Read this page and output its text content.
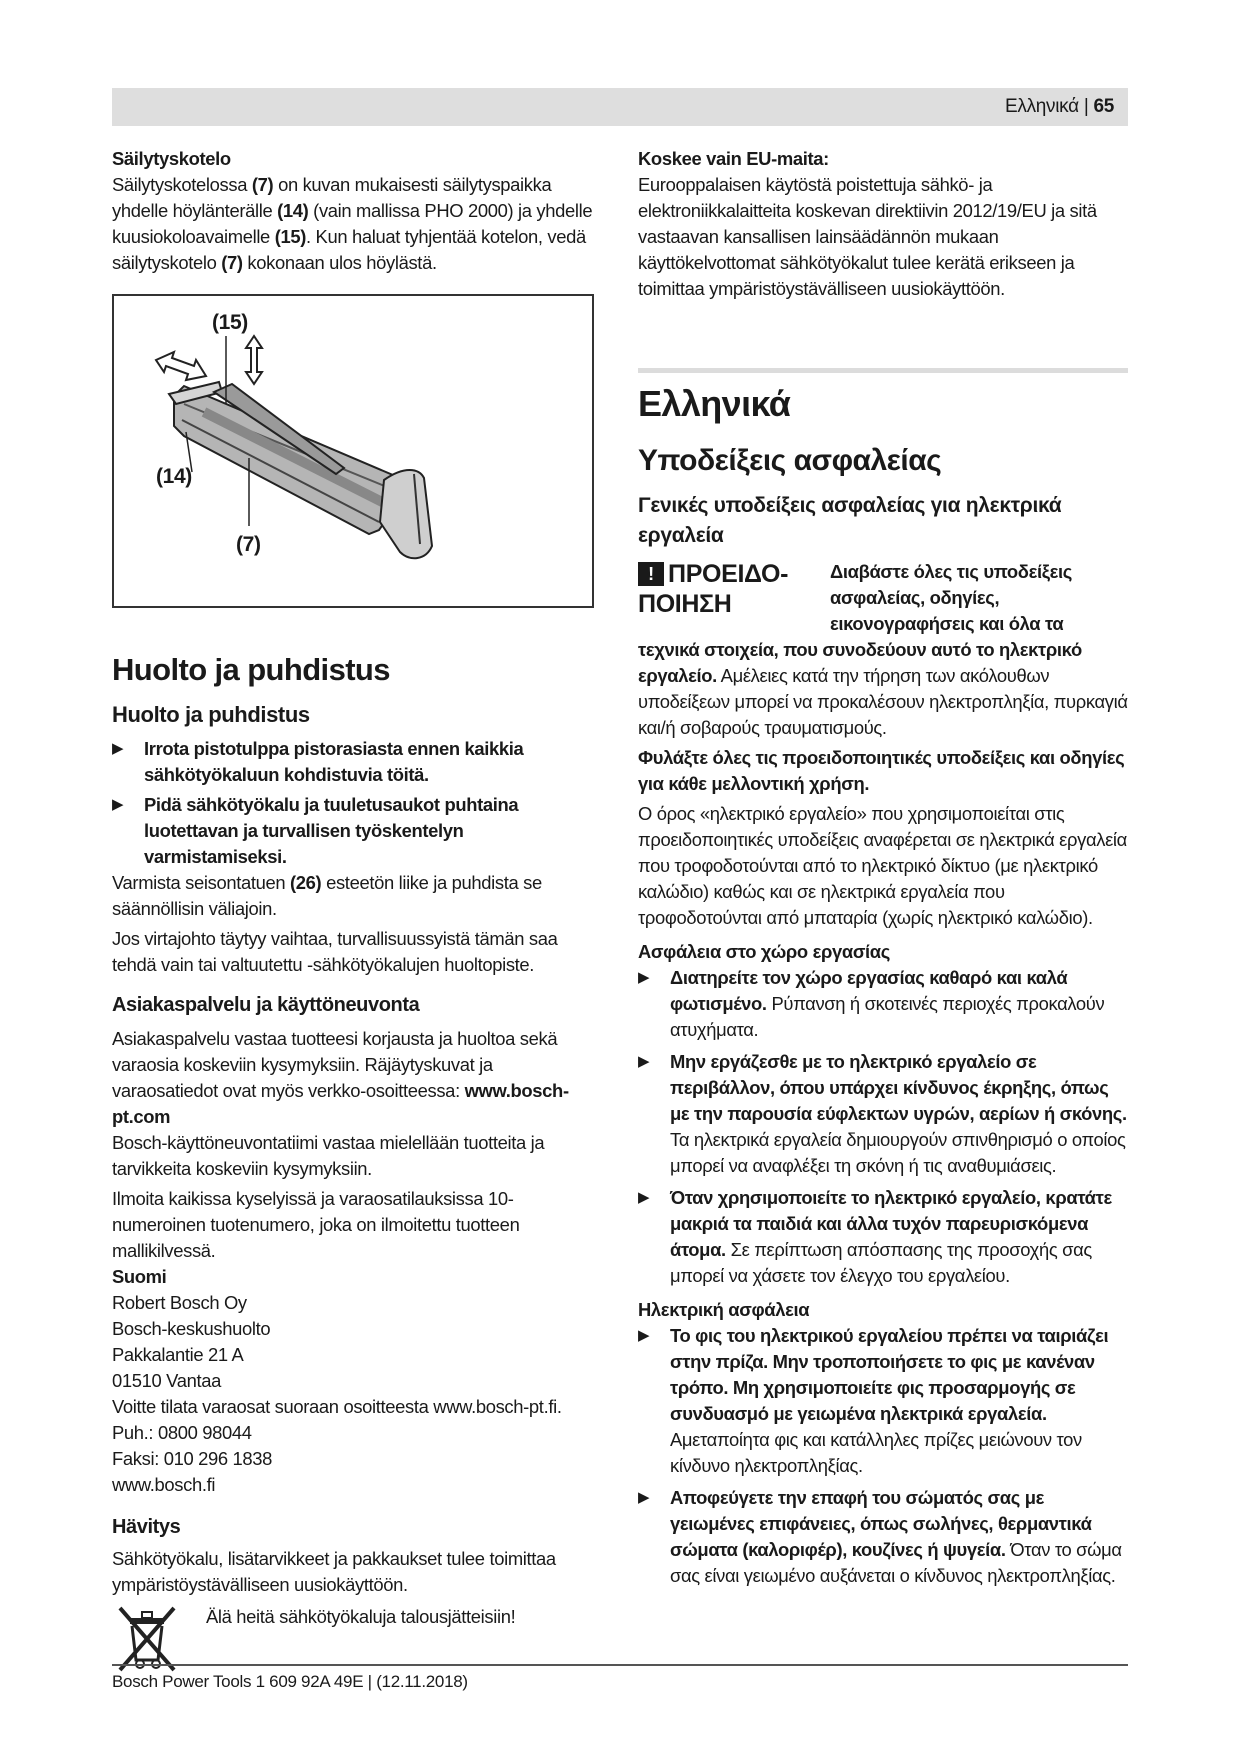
Ελληνικά | 65

Säilytyskotelo

Säilytyskotelossa (7) on kuvan mukaisesti säilytyspaikka yhdelle höylänterälle (14) (vain mallissa PHO 2000) ja yhdelle kuusiokoloavaimelle (15). Kun haluat tyhjentää kotelon, vedä säilytyskotelo (7) kokonaan ulos höylästä.

(15)
(14)
(7)

Huolto ja puhdistus

Huolto ja puhdistus

▶ Irrota pistotulppa pistorasiasta ennen kaikkia sähkötyökaluun kohdistuvia töitä.

▶ Pidä sähkötyökalu ja tuuletusaukot puhtaina luotettavan ja turvallisen työskentelyn varmistamiseksi.

Varmista seisontatuen (26) esteetön liike ja puhdista se säännöllisin väliajoin.

Jos virtajohto täytyy vaihtaa, turvallisuussyistä tämän saa tehdä vain tai valtuutettu -sähkötyökalujen huoltopiste.

Asiakaspalvelu ja käyttöneuvonta

Asiakaspalvelu vastaa tuotteesi korjausta ja huoltoa sekä varaosia koskeviin kysymyksiin. Räjäytyskuvat ja varaosatiedot ovat myös verkko-osoitteessa: www.bosch-pt.com

Bosch-käyttöneuvontatiimi vastaa mielellään tuotteita ja tarvikkeita koskeviin kysymyksiin.

Ilmoita kaikissa kyselyissä ja varaosatilauksissa 10-numeroinen tuotenumero, joka on ilmoitettu tuotteen mallikilvessä.

Suomi

Robert Bosch Oy

Bosch-keskushuolto

Pakkalantie 21 A

01510 Vantaa

Voitte tilata varaosat suoraan osoitteesta www.bosch-pt.fi.

Puh.: 0800 98044

Faksi: 010 296 1838

www.bosch.fi

Hävitys

Sähkötyökalu, lisätarvikkeet ja pakkaukset tulee toimittaa ympäristöystävälliseen uusiokäyttöön.

Älä heitä sähkötyökaluja talousjätteisiin!

Koskee vain EU-maita:

Eurooppalaisen käytöstä poistettuja sähkö- ja elektroniikkalaitteita koskevan direktiivin 2012/19/EU ja sitä vastaavan kansallisen lainsäädännön mukaan käyttökelvottomat sähkötyökalut tulee kerätä erikseen ja toimittaa ympäristöystävälliseen uusiokäyttöön.

Ελληνικά

Υποδείξεις ασφαλείας

Γενικές υποδείξεις ασφαλείας για ηλεκτρικά εργαλεία

! ΠΡΟΕΙΔΟ-ΠΟΙΗΣΗ
Διαβάστε όλες τις υποδείξεις ασφαλείας, οδηγίες, εικονογραφήσεις και όλα τα

τεχνικά στοιχεία, που συνοδεύουν αυτό το ηλεκτρικό εργαλείο. Αμέλειες κατά την τήρηση των ακόλουθων υποδείξεων μπορεί να προκαλέσουν ηλεκτροπληξία, πυρκαγιά και/ή σοβαρούς τραυματισμούς.

Φυλάξτε όλες τις προειδοποιητικές υποδείξεις και οδηγίες για κάθε μελλοντική χρήση.

Ο όρος «ηλεκτρικό εργαλείο» που χρησιμοποιείται στις προειδοποιητικές υποδείξεις αναφέρεται σε ηλεκτρικά εργαλεία που τροφοδοτούνται από το ηλεκτρικό δίκτυο (με ηλεκτρικό καλώδιο) καθώς και σε ηλεκτρικά εργαλεία που τροφοδοτούνται από μπαταρία (χωρίς ηλεκτρικό καλώδιο).

Ασφάλεια στο χώρο εργασίας

▶ Διατηρείτε τον χώρο εργασίας καθαρό και καλά φωτισμένο. Ρύπανση ή σκοτεινές περιοχές προκαλούν ατυχήματα.

▶ Μην εργάζεσθε με το ηλεκτρικό εργαλείο σε περιβάλλον, όπου υπάρχει κίνδυνος έκρηξης, όπως με την παρουσία εύφλεκτων υγρών, αερίων ή σκόνης. Τα ηλεκτρικά εργαλεία δημιουργούν σπινθηρισμό ο οποίος μπορεί να αναφλέξει τη σκόνη ή τις αναθυμιάσεις.

▶ Όταν χρησιμοποιείτε το ηλεκτρικό εργαλείο, κρατάτε μακριά τα παιδιά και άλλα τυχόν παρευρισκόμενα άτομα. Σε περίπτωση απόσπασης της προσοχής σας μπορεί να χάσετε τον έλεγχο του εργαλείου.

Ηλεκτρική ασφάλεια

▶ Το φις του ηλεκτρικού εργαλείου πρέπει να ταιριάζει στην πρίζα. Μην τροποποιήσετε το φις με κανέναν τρόπο. Μη χρησιμοποιείτε φις προσαρμογής σε συνδυασμό με γειωμένα ηλεκτρικά εργαλεία. Αμεταποίητα φις και κατάλληλες πρίζες μειώνουν τον κίνδυνο ηλεκτροπληξίας.

▶ Αποφεύγετε την επαφή του σώματός σας με γειωμένες επιφάνειες, όπως σωλήνες, θερμαντικά σώματα (καλοριφέρ), κουζίνες ή ψυγεία. Όταν το σώμα σας είναι γειωμένο αυξάνεται ο κίνδυνος ηλεκτροπληξίας.

Bosch Power Tools 1 609 92A 49E | (12.11.2018)
